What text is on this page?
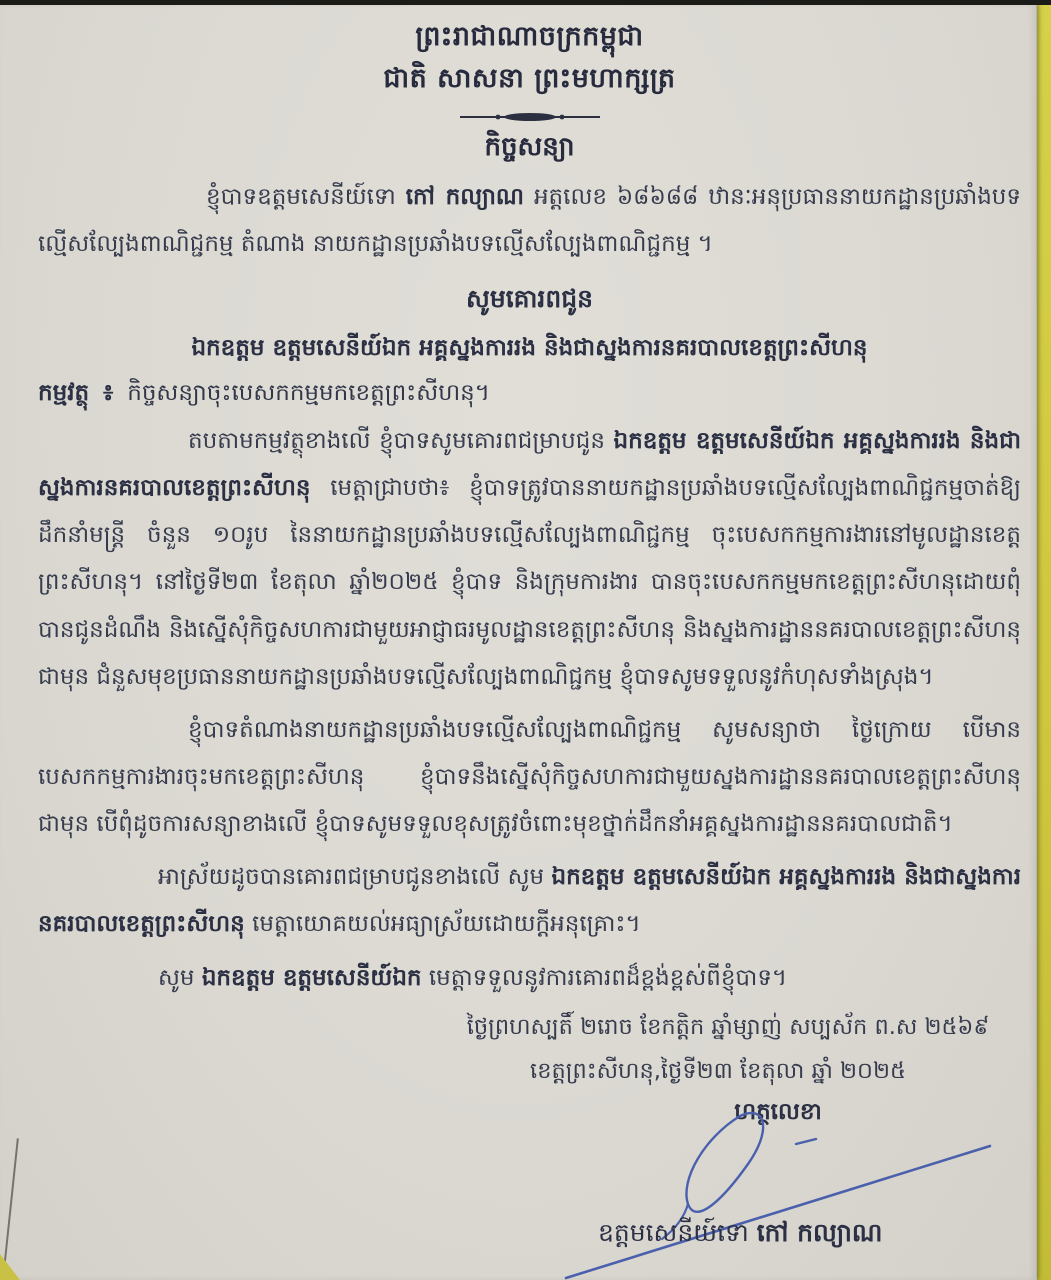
ព្រះរាជាណាចក្រកម្ពុជា
ជាតិ សាសនា ព្រះមហាក្សត្រ
កិច្ចសន្យា

ខ្ញុំបាទឧត្តមសេនីយ៍ទោ កៅ កល្យាណ អត្តលេខ ៦៨៦៨៨ ឋានៈអនុប្រធាននាយកដ្ឋានប្រឆាំងបទល្មើសល្បែងពាណិជ្ជកម្ម តំណាង នាយកដ្ឋានប្រឆាំងបទល្មើសល្បែងពាណិជ្ជកម្ម ។

សូមគោរពជូន
ឯកឧត្តម ឧត្តមសេនីយ៍ឯក អគ្គស្នងការរង និងជាស្នងការនគរបាលខេត្តព្រះសីហនុ
កម្មវត្ថុ ៖ កិច្ចសន្យាចុះបេសកកម្មមកខេត្តព្រះសីហនុ។

តបតាមកម្មវត្ថុខាងលើ ខ្ញុំបាទសូមគោរពជម្រាបជូន ឯកឧត្តម ឧត្តមសេនីយ៍ឯក អគ្គស្នងការរង និងជាស្នងការនគរបាលខេត្តព្រះសីហនុ មេត្តាជ្រាបថា៖ ខ្ញុំបាទត្រូវបាននាយកដ្ឋានប្រឆាំងបទល្មើសល្បែងពាណិជ្ជកម្មចាត់ឱ្យដឹកនាំមន្ត្រី ចំនួន ១០រូប នៃនាយកដ្ឋានប្រឆាំងបទល្មើសល្បែងពាណិជ្ជកម្ម ចុះបេសកកម្មការងារនៅមូលដ្ឋានខេត្តព្រះសីហនុ។ នៅថ្ងៃទី២៣ ខែតុលា ឆ្នាំ២០២៥ ខ្ញុំបាទ និងក្រុមការងារ បានចុះបេសកកម្មមកខេត្តព្រះសីហនុដោយពុំបានជូនដំណឹង និងស្នើសុំកិច្ចសហការជាមួយអាជ្ញាធរមូលដ្ឋានខេត្តព្រះសីហនុ និងស្នងការដ្ឋាននគរបាលខេត្តព្រះសីហនុជាមុន ជំនួសមុខប្រធាននាយកដ្ឋានប្រឆាំងបទល្មើសល្បែងពាណិជ្ជកម្ម ខ្ញុំបាទសូមទទួលនូវកំហុសទាំងស្រុង។

ខ្ញុំបាទតំណាងនាយកដ្ឋានប្រឆាំងបទល្មើសល្បែងពាណិជ្ជកម្ម សូមសន្យាថា ថ្ងៃក្រោយ បើមានបេសកកម្មការងារចុះមកខេត្តព្រះសីហនុ ខ្ញុំបាទនឹងស្នើសុំកិច្ចសហការជាមួយស្នងការដ្ឋាននគរបាលខេត្តព្រះសីហនុជាមុន បើពុំដូចការសន្យាខាងលើ ខ្ញុំបាទសូមទទួលខុសត្រូវចំពោះមុខថ្នាក់ដឹកនាំអគ្គស្នងការដ្ឋាននគរបាលជាតិ។

អាស្រ័យដូចបានគោរពជម្រាបជូនខាងលើ សូម ឯកឧត្តម ឧត្តមសេនីយ៍ឯក អគ្គស្នងការរង និងជាស្នងការនគរបាលខេត្តព្រះសីហនុ មេត្តាយោគយល់អធ្យាស្រ័យដោយក្តីអនុគ្រោះ។

សូម ឯកឧត្តម ឧត្តមសេនីយ៍ឯក មេត្តាទទួលនូវការគោរពដ៏ខ្ពង់ខ្ពស់ពីខ្ញុំបាទ។

ថ្ងៃព្រហស្បតិ៍ ២រោច ខែកត្តិក ឆ្នាំម្សាញ់ សប្បស័ក ព.ស ២៥៦៩
ខេត្តព្រះសីហនុ,ថ្ងៃទី២៣ ខែតុលា ឆ្នាំ ២០២៥
ហត្ថលេខា
ឧត្តមសេនីយ៍ទោ កៅ កល្យាណ
